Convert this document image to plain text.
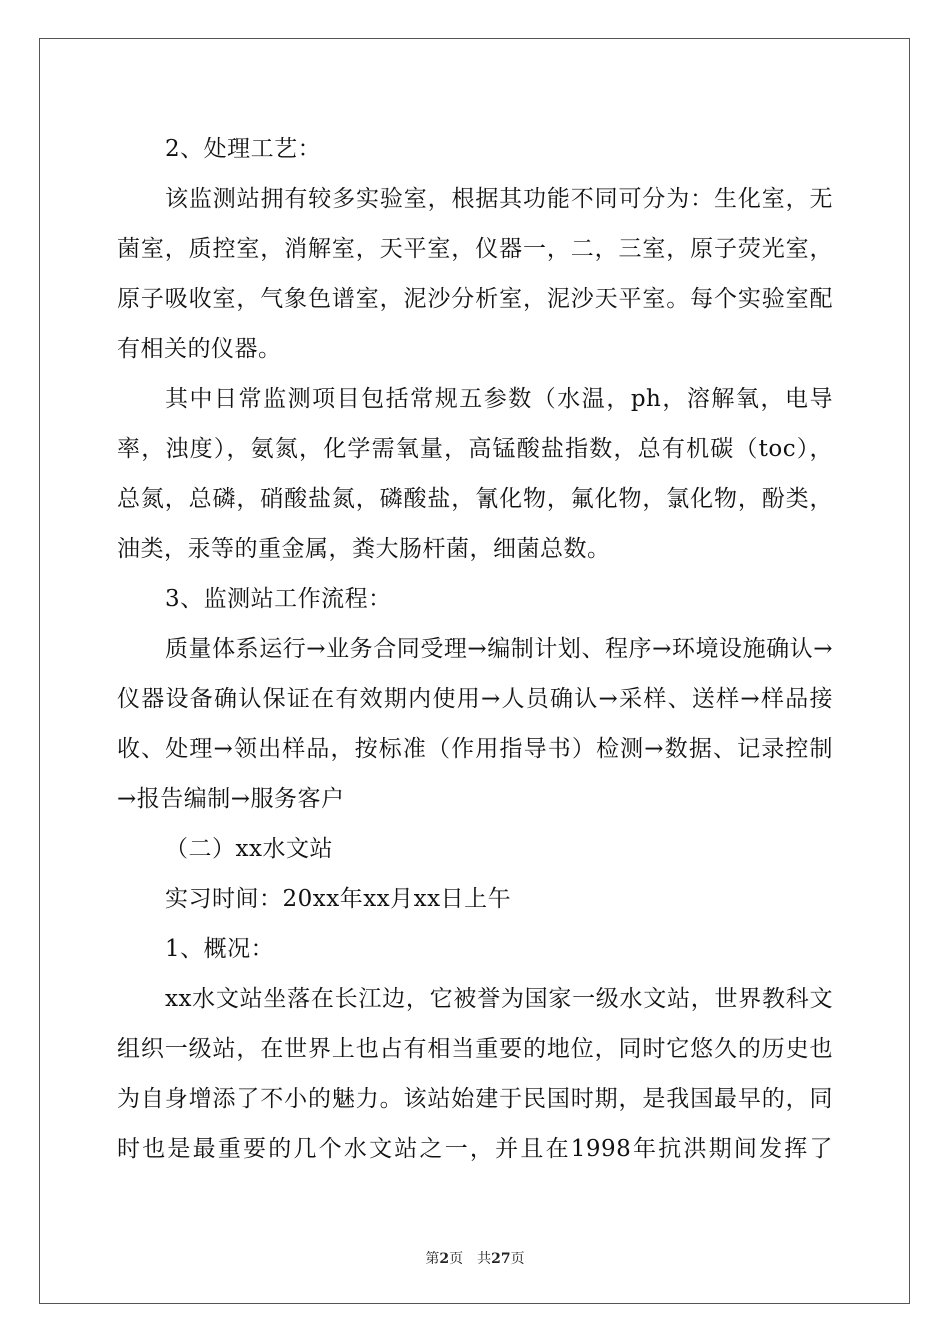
2、处理工艺：

该监测站拥有较多实验室，根据其功能不同可分为：生化室，无菌室，质控室，消解室，天平室，仪器一，二，三室，原子荧光室，原子吸收室，气象色谱室，泥沙分析室，泥沙天平室。每个实验室配有相关的仪器。

其中日常监测项目包括常规五参数（水温，ph，溶解氧，电导率，浊度），氨氮，化学需氧量，高锰酸盐指数，总有机碳（toc），总氮，总磷，硝酸盐氮，磷酸盐，氰化物，氟化物，氯化物，酚类，油类，汞等的重金属，粪大肠杆菌，细菌总数。

3、监测站工作流程：

质量体系运行→业务合同受理→编制计划、程序→环境设施确认→仪器设备确认保证在有效期内使用→人员确认→采样、送样→样品接收、处理→领出样品，按标准（作用指导书）检测→数据、记录控制→报告编制→服务客户

（二）xx水文站

实习时间：20xx年xx月xx日上午

1、概况：

xx水文站坐落在长江边，它被誉为国家一级水文站，世界教科文组织一级站，在世界上也占有相当重要的地位，同时它悠久的历史也为自身增添了不小的魅力。该站始建于民国时期，是我国最早的，同时也是最重要的几个水文站之一，并且在1998年抗洪期间发挥了

第2页 共27页
